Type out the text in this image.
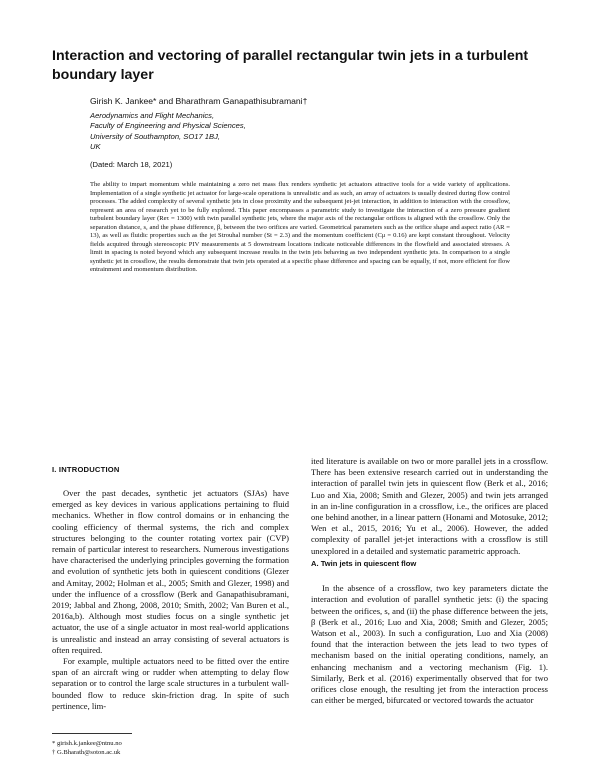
Interaction and vectoring of parallel rectangular twin jets in a turbulent boundary layer
Girish K. Jankee* and Bharathram Ganapathisubramani†
Aerodynamics and Flight Mechanics,
Faculty of Engineering and Physical Sciences,
University of Southampton, SO17 1BJ,
UK
(Dated: March 18, 2021)

The ability to impart momentum while maintaining a zero net mass flux renders synthetic jet actuators attractive tools for a wide variety of applications. Implementation of a single synthetic jet actuator for large-scale operations is unrealistic and as such, an array of actuators is usually desired during flow control processes. The added complexity of several synthetic jets in close proximity and the subsequent jet-jet interaction, in addition to interaction with the crossflow, represent an area of research yet to be fully explored. This paper encompasses a parametric study to investigate the interaction of a zero pressure gradient turbulent boundary layer (Reτ = 1300) with twin parallel synthetic jets, where the major axis of the rectangular orifices is aligned with the crossflow. Only the separation distance, s, and the phase difference, β, between the two orifices are varied. Geometrical parameters such as the orifice shape and aspect ratio (AR = 13), as well as fluidic properties such as the jet Strouhal number (St = 2.3) and the momentum coefficient (Cμ = 0.16) are kept constant throughout. Velocity fields acquired through stereoscopic PIV measurements at 5 downstream locations indicate noticeable differences in the flowfield and associated stresses. A limit in spacing is noted beyond which any subsequent increase results in the twin jets behaving as two independent synthetic jets. In comparison to a single synthetic jet in crossflow, the results demonstrate that twin jets operated at a specific phase difference and spacing can be equally, if not, more efficient for flow entrainment and momentum distribution.

I. INTRODUCTION

Over the past decades, synthetic jet actuators (SJAs) have emerged as key devices in various applications pertaining to fluid mechanics. Whether in flow control domains or in enhancing the cooling efficiency of thermal systems, the rich and complex structures belonging to the counter rotating vortex pair (CVP) remain of particular interest to researchers. Numerous investigations have characterised the underlying principles governing the formation and evolution of synthetic jets both in quiescent conditions (Glezer and Amitay, 2002; Holman et al., 2005; Smith and Glezer, 1998) and under the influence of a crossflow (Berk and Ganapathisubramani, 2019; Jabbal and Zhong, 2008, 2010; Smith, 2002; Van Buren et al., 2016a,b). Although most studies focus on a single synthetic jet actuator, the use of a single actuator in most real-world applications is unrealistic and instead an array consisting of several actuators is often required.

For example, multiple actuators need to be fitted over the entire span of an aircraft wing or rudder when attempting to delay flow separation or to control the large scale structures in a turbulent wall-bounded flow to reduce skin-friction drag. In spite of such pertinence, lim-

ited literature is available on two or more parallel jets in a crossflow. There has been extensive research carried out in understanding the interaction of parallel twin jets in quiescent flow (Berk et al., 2016; Luo and Xia, 2008; Smith and Glezer, 2005) and twin jets arranged in an in-line configuration in a crossflow, i.e., the orifices are placed one behind another, in a linear pattern (Honami and Motosuke, 2012; Wen et al., 2015, 2016; Yu et al., 2006). However, the added complexity of parallel jet-jet interactions with a crossflow is still unexplored in a detailed and systematic parametric approach.

A. Twin jets in quiescent flow

In the absence of a crossflow, two key parameters dictate the interaction and evolution of parallel synthetic jets: (i) the spacing between the orifices, s, and (ii) the phase difference between the jets, β (Berk et al., 2016; Luo and Xia, 2008; Smith and Glezer, 2005; Watson et al., 2003). In such a configuration, Luo and Xia (2008) found that the interaction between the jets lead to two types of mechanism based on the initial operating conditions, namely, an enhancing mechanism and a vectoring mechanism (Fig. 1). Similarly, Berk et al. (2016) experimentally observed that for two orifices close enough, the resulting jet from the interaction process can either be merged, bifurcated or vectored towards the actuator

* girish.k.jankee@ntnu.no
† G.Bharath@soton.ac.uk
